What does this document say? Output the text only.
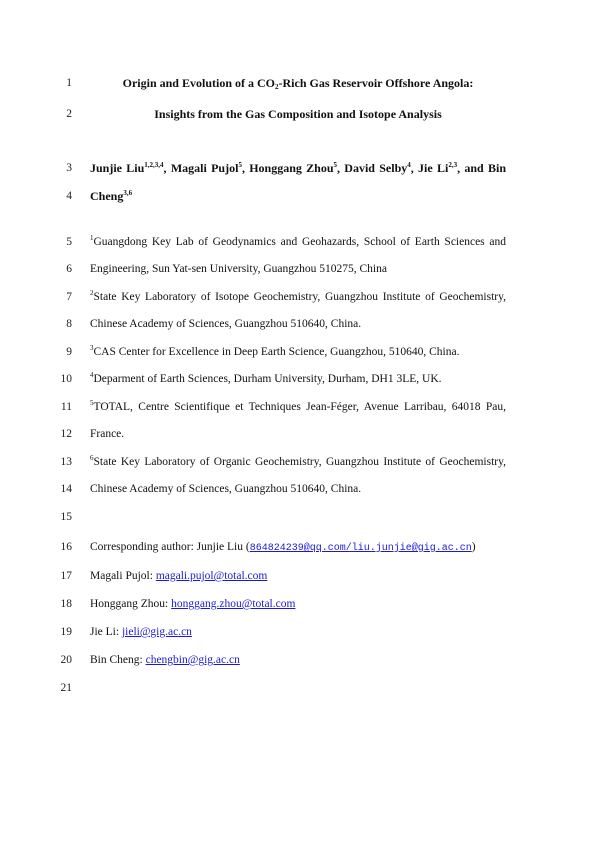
1	Origin and Evolution of a $CO_2$-Rich Gas Reservoir Offshore Angola:
2	Insights from the Gas Composition and Isotope Analysis
3 Junjie Liu$^{1,2,3,4}$, Magali Pujol$^5$, Honggang Zhou$^5$, David Selby$^4$, Jie Li$^{2,3}$, and Bin
4 Cheng$^{3,6}$
5	$^1$Guangdong Key Lab of Geodynamics and Geohazards, School of Earth Sciences and
6 Engineering, Sun Yat-sen University, Guangzhou 510275, China
7	$^2$State Key Laboratory of Isotope Geochemistry, Guangzhou Institute of Geochemistry,
8 Chinese Academy of Sciences, Guangzhou 510640, China.
9	$^3$CAS Center for Excellence in Deep Earth Science, Guangzhou, 510640, China.
10	$^4$Deparment of Earth Sciences, Durham University, Durham, DH1 3LE, UK.
11	$^5$TOTAL, Centre Scientifique et Techniques Jean-Féger, Avenue Larribau, 64018 Pau,
12 France.
13	$^6$State Key Laboratory of Organic Geochemistry, Guangzhou Institute of Geochemistry,
14 Chinese Academy of Sciences, Guangzhou 510640, China.
15
16 Corresponding author: Junjie Liu (864824239@qq.com/liu.junjie@gig.ac.cn)
17 Magali Pujol: magali.pujol@total.com
18 Honggang Zhou: honggang.zhou@total.com
19 Jie Li: jieli@gig.ac.cn
20 Bin Cheng: chengbin@gig.ac.cn
21
